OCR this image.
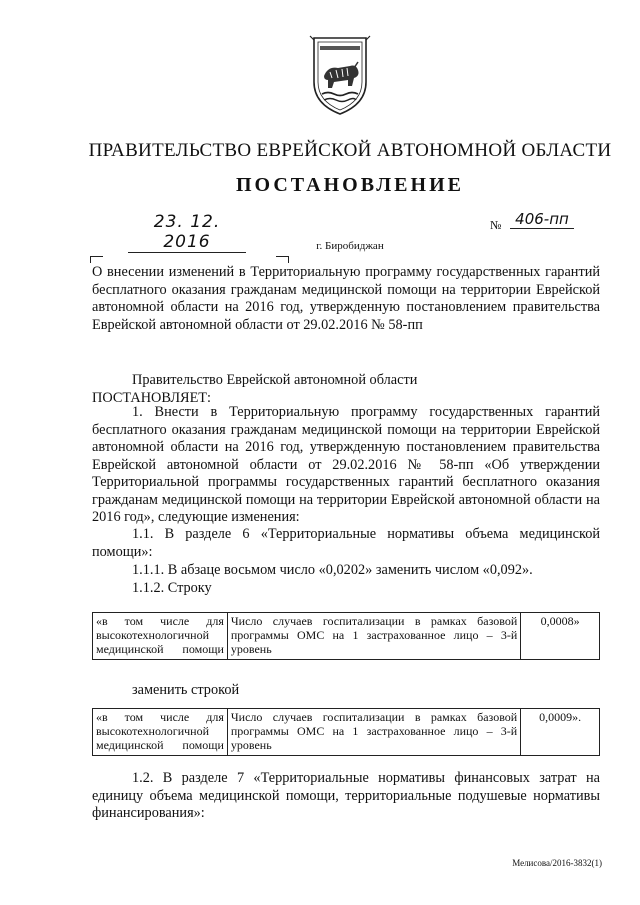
ПРАВИТЕЛЬСТВО ЕВРЕЙСКОЙ АВТОНОМНОЙ ОБЛАСТИ
ПОСТАНОВЛЕНИЕ
23. 12. 2016
№ 406-пп
г. Биробиджан
О внесении изменений в Территориальную программу государственных гарантий бесплатного оказания гражданам медицинской помощи на территории Еврейской автономной области на 2016 год, утвержденную постановлением правительства Еврейской автономной области от 29.02.2016 № 58-пп
Правительство Еврейской автономной области
ПОСТАНОВЛЯЕТ:
1. Внести в Территориальную программу государственных гарантий бесплатного оказания гражданам медицинской помощи на территории Еврейской автономной области на 2016 год, утвержденную постановлением правительства Еврейской автономной области от 29.02.2016 № 58-пп «Об утверждении Территориальной программы государственных гарантий бесплатного оказания гражданам медицинской помощи на территории Еврейской автономной области на 2016 год», следующие изменения:
1.1. В разделе 6 «Территориальные нормативы объема медицинской помощи»:
1.1.1. В абзаце восьмом число «0,0202» заменить числом «0,092».
1.1.2. Строку
«в том числе для высокотехнологичной медицинской помощи	Число случаев госпитализации в рамках базовой программы ОМС на 1 застрахованное лицо – 3-й уровень	0,0008»
заменить строкой
«в том числе для высокотехнологичной медицинской помощи	Число случаев госпитализации в рамках базовой программы ОМС на 1 застрахованное лицо – 3-й уровень	0,0009».
1.2. В разделе 7 «Территориальные нормативы финансовых затрат на единицу объема медицинской помощи, территориальные подушевые нормативы финансирования»:
Мелисова/2016-3832(1)
